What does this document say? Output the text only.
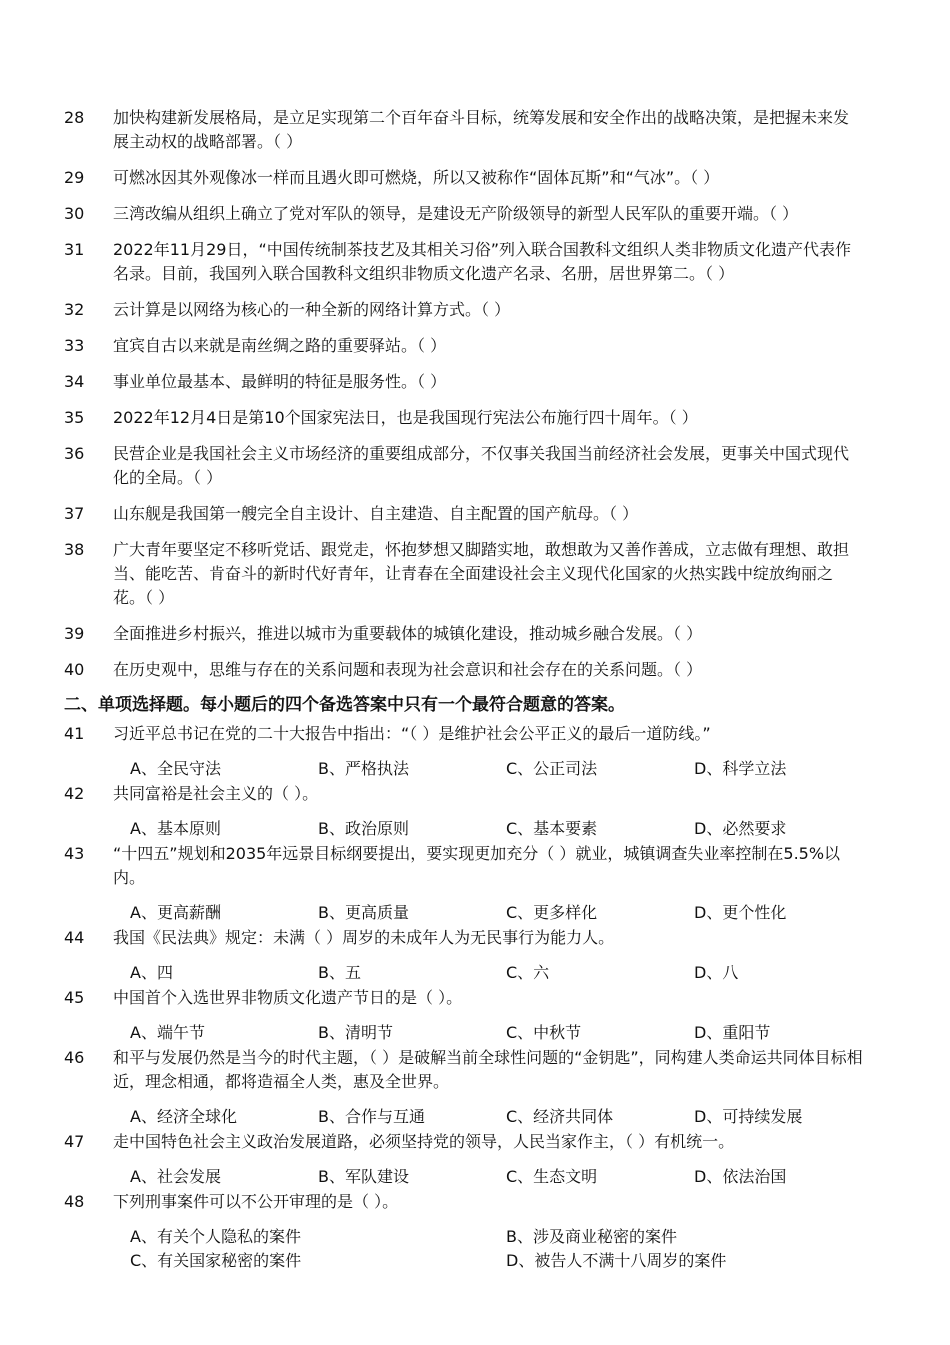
28	加快构建新发展格局，是立足实现第二个百年奋斗目标，统筹发展和安全作出的战略决策，是把握未来发展主动权的战略部署。（ ）
29	可燃冰因其外观像冰一样而且遇火即可燃烧，所以又被称作“固体瓦斯”和“气冰”。（ ）
30	三湾改编从组织上确立了党对军队的领导，是建设无产阶级领导的新型人民军队的重要开端。（ ）
31	2022年11月29日，“中国传统制茶技艺及其相关习俗”列入联合国教科文组织人类非物质文化遗产代表作名录。目前，我国列入联合国教科文组织非物质文化遗产名录、名册，居世界第二。（ ）
32	云计算是以网络为核心的一种全新的网络计算方式。（ ）
33	宜宾自古以来就是南丝绸之路的重要驿站。（ ）
34	事业单位最基本、最鲜明的特征是服务性。（ ）
35	2022年12月4日是第10个国家宪法日，也是我国现行宪法公布施行四十周年。（ ）
36	民营企业是我国社会主义市场经济的重要组成部分，不仅事关我国当前经济社会发展，更事关中国式现代化的全局。（ ）
37	山东舰是我国第一艘完全自主设计、自主建造、自主配置的国产航母。（ ）
38	广大青年要坚定不移听党话、跟党走，怀抱梦想又脚踏实地，敢想敢为又善作善成，立志做有理想、敢担当、能吃苦、肯奋斗的新时代好青年，让青春在全面建设社会主义现代化国家的火热实践中绽放绚丽之花。（ ）
39	全面推进乡村振兴，推进以城市为重要载体的城镇化建设，推动城乡融合发展。（ ）
40	在历史观中，思维与存在的关系问题和表现为社会意识和社会存在的关系问题。（ ）
二、单项选择题。每小题后的四个备选答案中只有一个最符合题意的答案。
41	习近平总书记在党的二十大报告中指出：“（ ）是维护社会公平正义的最后一道防线。”
A、全民守法	B、严格执法	C、公正司法	D、科学立法
42	共同富裕是社会主义的（ ）。
A、基本原则	B、政治原则	C、基本要素	D、必然要求
43	“十四五”规划和2035年远景目标纲要提出，要实现更加充分（ ）就业，城镇调查失业率控制在5.5%以内。
A、更高薪酬	B、更高质量	C、更多样化	D、更个性化
44	我国《民法典》规定：未满（ ）周岁的未成年人为无民事行为能力人。
A、四	B、五	C、六	D、八
45	中国首个入选世界非物质文化遗产节日的是（ ）。
A、端午节	B、清明节	C、中秋节	D、重阳节
46	和平与发展仍然是当今的时代主题，（ ）是破解当前全球性问题的“金钥匙”，同构建人类命运共同体目标相近，理念相通，都将造福全人类，惠及全世界。
A、经济全球化	B、合作与互通	C、经济共同体	D、可持续发展
47	走中国特色社会主义政治发展道路，必须坚持党的领导，人民当家作主，（ ）有机统一。
A、社会发展	B、军队建设	C、生态文明	D、依法治国
48	下列刑事案件可以不公开审理的是（ ）。
A、有关个人隐私的案件	B、涉及商业秘密的案件
C、有关国家秘密的案件	D、被告人不满十八周岁的案件
